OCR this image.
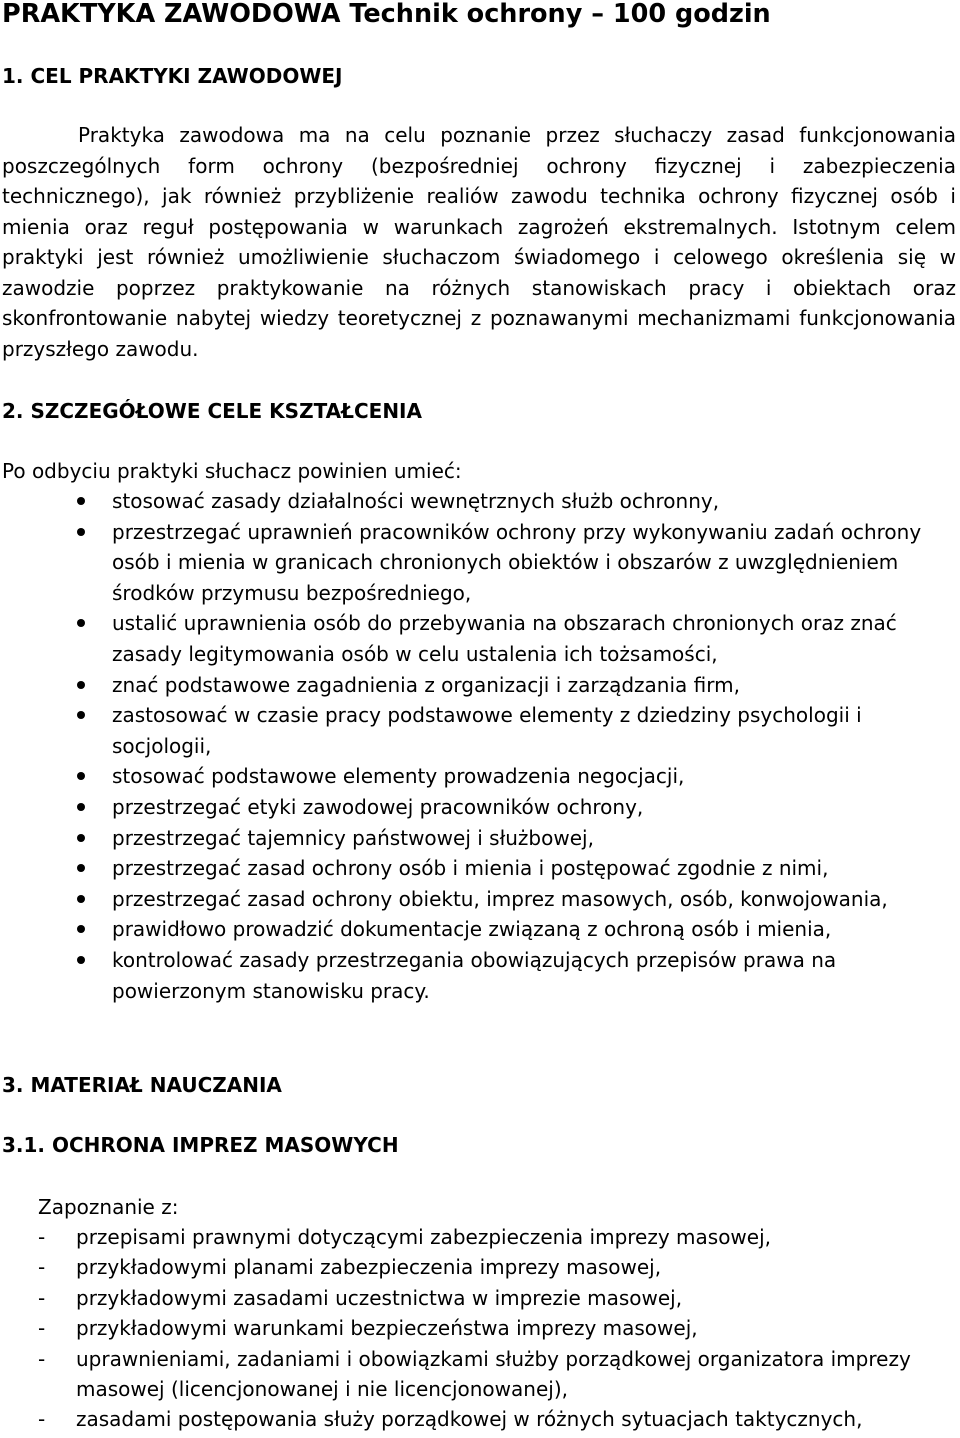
PRAKTYKA ZAWODOWA Technik ochrony – 100 godzin
1. CEL PRAKTYKI ZAWODOWEJ
Praktyka zawodowa ma na celu poznanie przez słuchaczy zasad funkcjonowania poszczególnych form ochrony (bezpośredniej ochrony fizycznej i zabezpieczenia technicznego), jak również przybliżenie realiów zawodu technika ochrony fizycznej osób i mienia oraz reguł postępowania w warunkach zagrożeń ekstremalnych. Istotnym celem praktyki jest również umożliwienie słuchaczom świadomego i celowego określenia się w zawodzie poprzez praktykowanie na różnych stanowiskach pracy i obiektach oraz skonfrontowanie nabytej wiedzy teoretycznej z poznawanymi mechanizmami funkcjonowania przyszłego zawodu.
2. SZCZEGÓŁOWE CELE KSZTAŁCENIA
Po odbyciu praktyki słuchacz powinien umieć:
stosować zasady działalności wewnętrznych służb ochronny,
przestrzegać uprawnień pracowników ochrony przy wykonywaniu zadań ochrony osób i mienia w granicach chronionych obiektów i obszarów z uwzględnieniem środków przymusu bezpośredniego,
ustalić uprawnienia osób do przebywania na obszarach chronionych oraz znać zasady legitymowania osób w celu ustalenia ich tożsamości,
znać podstawowe zagadnienia z organizacji i zarządzania firm,
zastosować w czasie pracy podstawowe elementy z dziedziny psychologii i socjologii,
stosować podstawowe elementy prowadzenia negocjacji,
przestrzegać etyki zawodowej pracowników ochrony,
przestrzegać tajemnicy państwowej i służbowej,
przestrzegać zasad ochrony osób i mienia i postępować zgodnie z nimi,
przestrzegać zasad ochrony obiektu, imprez masowych, osób, konwojowania,
prawidłowo prowadzić dokumentacje związaną z ochroną osób i mienia,
kontrolować zasady przestrzegania obowiązujących przepisów prawa na powierzonym stanowisku pracy.
3. MATERIAŁ NAUCZANIA
3.1. OCHRONA IMPREZ MASOWYCH
Zapoznanie z:
- przepisami prawnymi dotyczącymi zabezpieczenia imprezy masowej,
- przykładowymi planami zabezpieczenia imprezy masowej,
- przykładowymi zasadami uczestnictwa w imprezie masowej,
- przykładowymi warunkami bezpieczeństwa imprezy masowej,
- uprawnieniami, zadaniami i obowiązkami służby porządkowej organizatora imprezy masowej (licencjonowanej i nie licencjonowanej),
- zasadami postępowania służy porządkowej w różnych sytuacjach taktycznych,
